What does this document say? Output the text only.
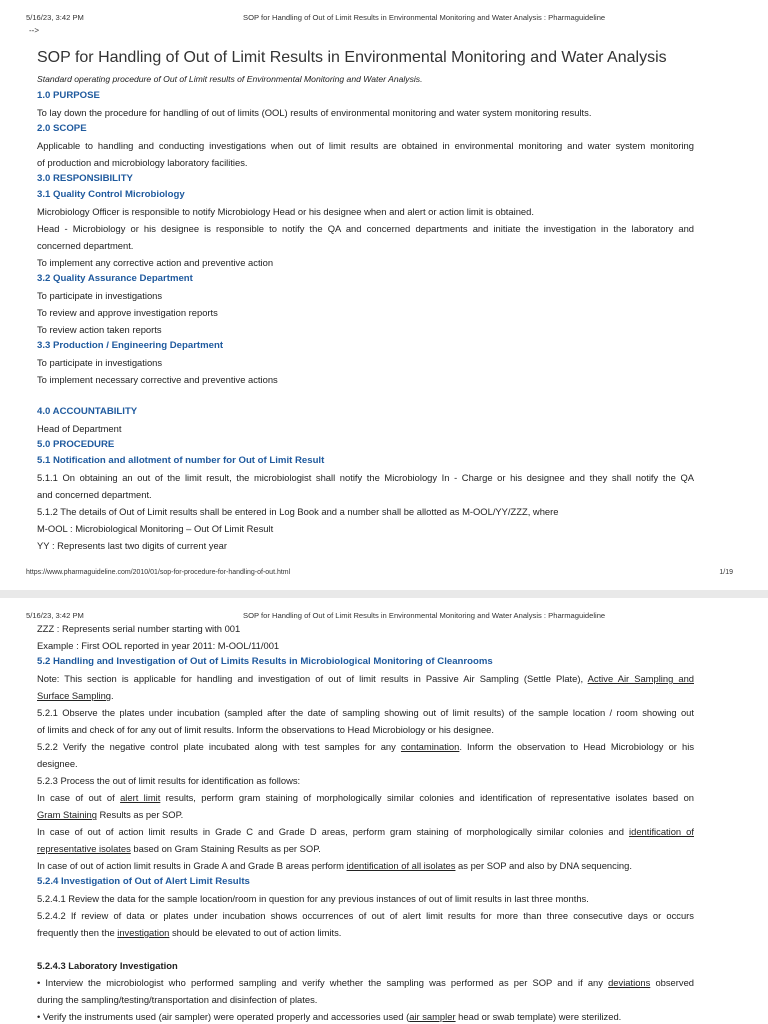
5/16/23, 3:42 PM	SOP for Handling of Out of Limit Results in Environmental Monitoring and Water Analysis : Pharmaguideline
-->
SOP for Handling of Out of Limit Results in Environmental Monitoring and Water Analysis
Standard operating procedure of Out of Limit results of Environmental Monitoring and Water Analysis.
1.0 PURPOSE
To lay down the procedure for handling of out of limits (OOL) results of environmental monitoring and water system monitoring results.
2.0 SCOPE
Applicable to handling and conducting investigations when out of limit results are obtained in environmental monitoring and water system monitoring
of production and microbiology laboratory facilities.
3.0 RESPONSIBILITY
3.1 Quality Control Microbiology
Microbiology Officer is responsible to notify Microbiology Head or his designee when and alert or action limit is obtained.
Head - Microbiology or his designee is responsible to notify the QA and concerned departments and initiate the investigation in the laboratory and
concerned department.
To implement any corrective action and preventive action
3.2 Quality Assurance Department
To participate in investigations
To review and approve investigation reports
To review action taken reports
3.3 Production / Engineering Department
To participate in investigations
To implement necessary corrective and preventive actions
4.0 ACCOUNTABILITY
Head of Department
5.0 PROCEDURE
5.1 Notification and allotment of number for Out of Limit Result
5.1.1 On obtaining an out of the limit result, the microbiologist shall notify the Microbiology In - Charge or his designee and they shall notify the QA
and concerned department.
5.1.2 The details of Out of Limit results shall be entered in Log Book and a number shall be allotted as M-OOL/YY/ZZZ, where
M-OOL : Microbiological Monitoring – Out Of Limit Result
YY : Represents last two digits of current year
https://www.pharmaguideline.com/2010/01/sop-for-procedure-for-handling-of-out.html	1/19
5/16/23, 3:42 PM	SOP for Handling of Out of Limit Results in Environmental Monitoring and Water Analysis : Pharmaguideline
ZZZ : Represents serial number starting with 001
Example : First OOL reported in year 2011: M-OOL/11/001
5.2 Handling and Investigation of Out of Limits Results in Microbiological Monitoring of Cleanrooms
Note: This section is applicable for handling and investigation of out of limit results in Passive Air Sampling (Settle Plate), Active Air Sampling and
Surface Sampling.
5.2.1 Observe the plates under incubation (sampled after the date of sampling showing out of limit results) of the sample location / room showing out
of limits and check of for any out of limit results. Inform the observations to Head Microbiology or his designee.
5.2.2 Verify the negative control plate incubated along with test samples for any contamination. Inform the observation to Head Microbiology or his
designee.
5.2.3 Process the out of limit results for identification as follows:
In case of out of alert limit results, perform gram staining of morphologically similar colonies and identification of representative isolates based on
Gram Staining Results as per SOP.
In case of out of action limit results in Grade C and Grade D areas, perform gram staining of morphologically similar colonies and identification of
representative isolates based on Gram Staining Results as per SOP.
In case of out of action limit results in Grade A and Grade B areas perform identification of all isolates as per SOP and also by DNA sequencing.
5.2.4 Investigation of Out of Alert Limit Results
5.2.4.1 Review the data for the sample location/room in question for any previous instances of out of limit results in last three months.
5.2.4.2 If review of data or plates under incubation shows occurrences of out of alert limit results for more than three consecutive days or occurs
frequently then the investigation should be elevated to out of action limits.
5.2.4.3 Laboratory Investigation
• Interview the microbiologist who performed sampling and verify whether the sampling was performed as per SOP and if any deviations observed
during the sampling/testing/transportation and disinfection of plates.
• Verify the instruments used (air sampler) were operated properly and accessories used (air sampler head or swab template) were sterilized.
